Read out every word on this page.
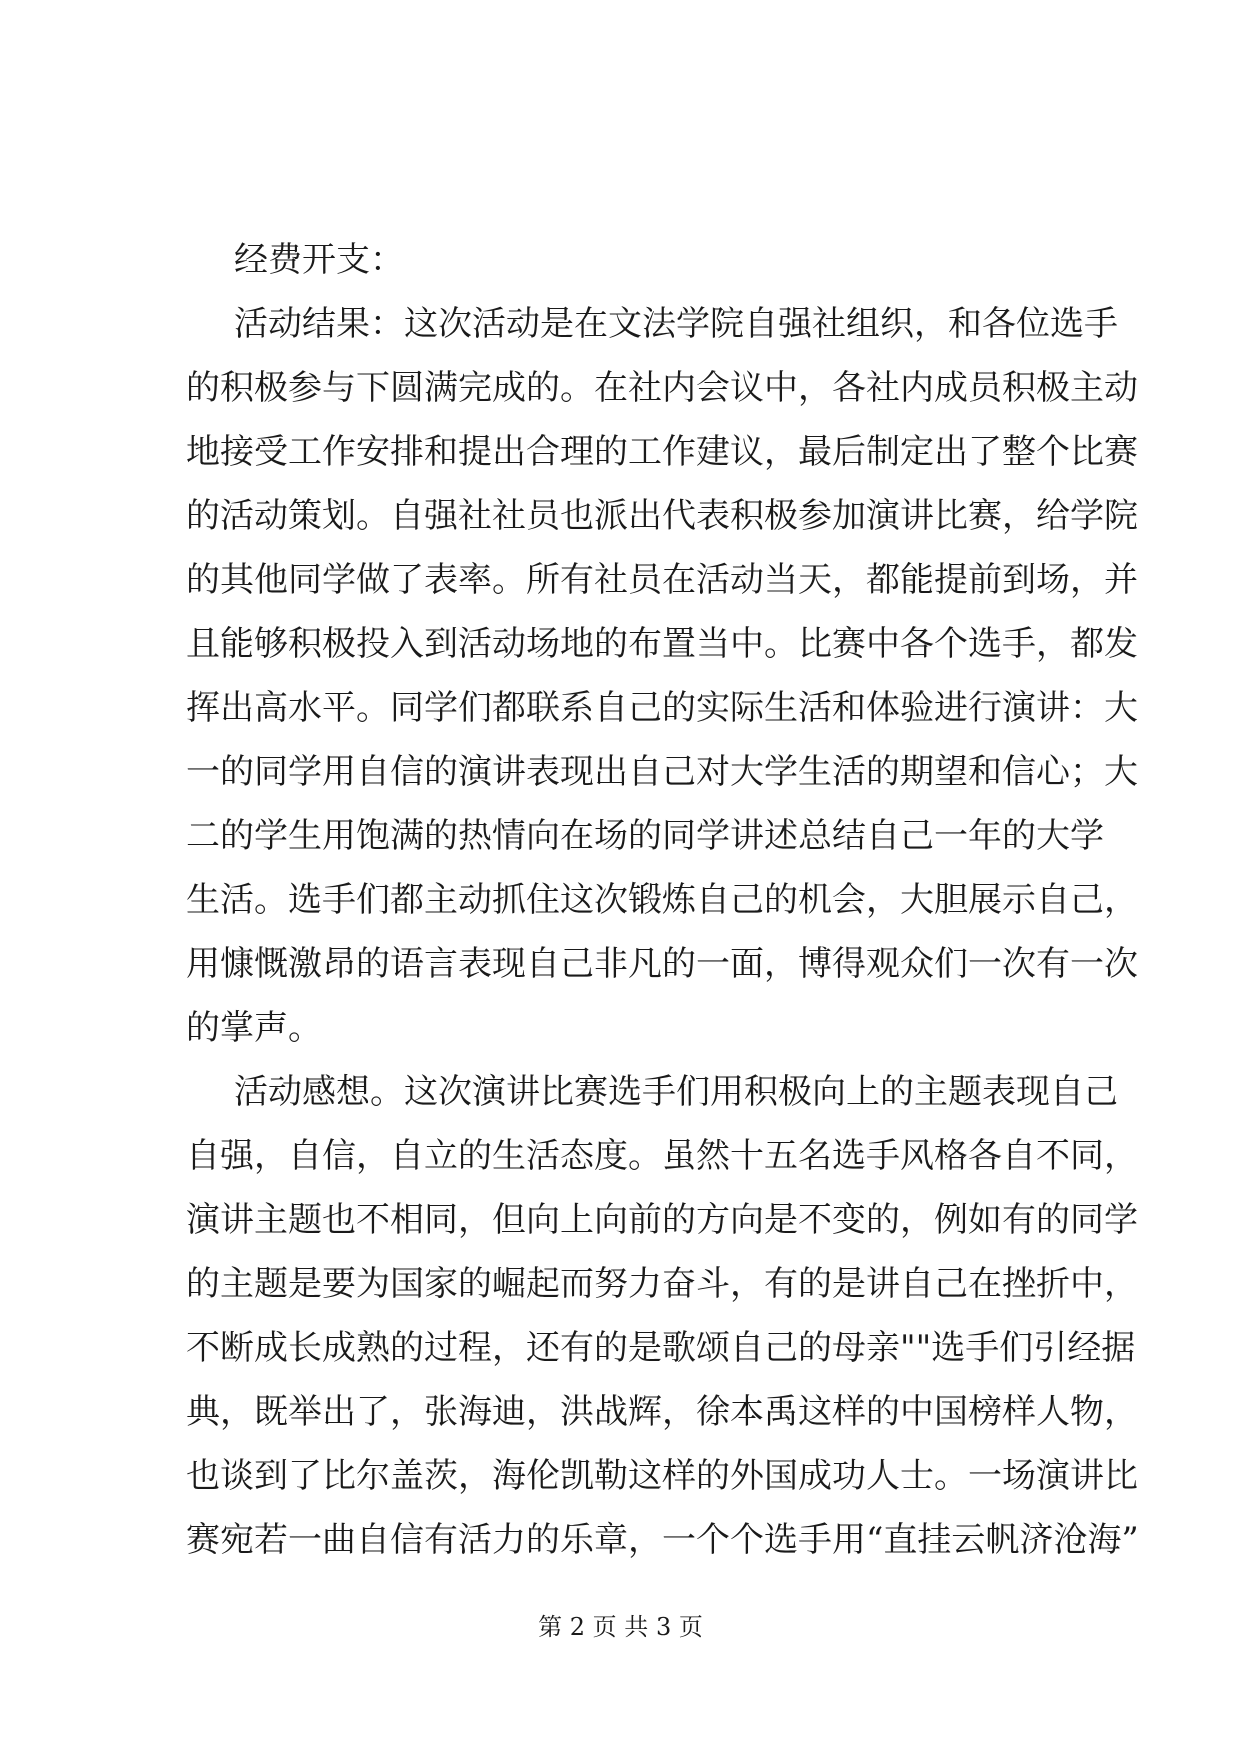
经费开支：
活动结果：这次活动是在文法学院自强社组织，和各位选手
的积极参与下圆满完成的。在社内会议中，各社内成员积极主动
地接受工作安排和提出合理的工作建议，最后制定出了整个比赛
的活动策划。自强社社员也派出代表积极参加演讲比赛，给学院
的其他同学做了表率。所有社员在活动当天，都能提前到场，并
且能够积极投入到活动场地的布置当中。比赛中各个选手，都发
挥出高水平。同学们都联系自己的实际生活和体验进行演讲：大
一的同学用自信的演讲表现出自己对大学生活的期望和信心；大
二的学生用饱满的热情向在场的同学讲述总结自己一年的大学
生活。选手们都主动抓住这次锻炼自己的机会，大胆展示自己，
用慷慨激昂的语言表现自己非凡的一面，博得观众们一次有一次
的掌声。
活动感想。这次演讲比赛选手们用积极向上的主题表现自己
自强，自信，自立的生活态度。虽然十五名选手风格各自不同，
演讲主题也不相同，但向上向前的方向是不变的，例如有的同学
的主题是要为国家的崛起而努力奋斗，有的是讲自己在挫折中，
不断成长成熟的过程，还有的是歌颂自己的母亲""选手们引经据
典，既举出了，张海迪，洪战辉，徐本禹这样的中国榜样人物，
也谈到了比尔盖茨，海伦凯勒这样的外国成功人士。一场演讲比
赛宛若一曲自信有活力的乐章，一个个选手用“直挂云帆济沧海”
第 2 页 共 3 页
